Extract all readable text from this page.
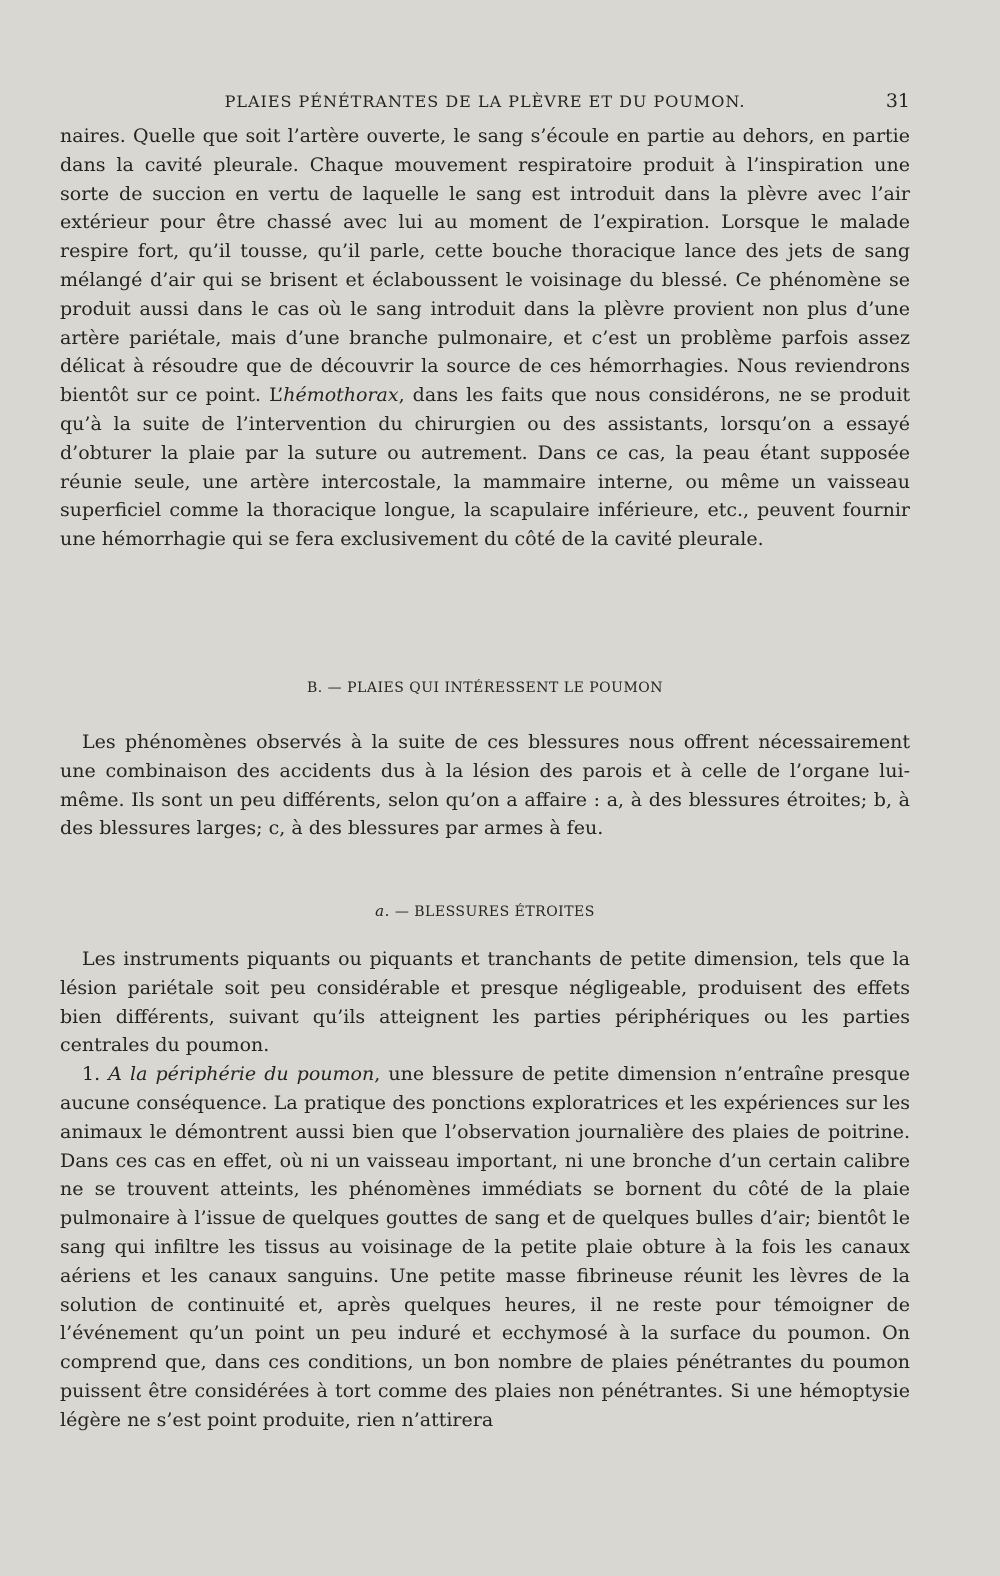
PLAIES PÉNÉTRANTES DE LA PLÈVRE ET DU POUMON.	31

naires. Quelle que soit l’artère ouverte, le sang s’écoule en partie au dehors, en partie dans la cavité pleurale. Chaque mouvement respiratoire produit à l’inspiration une sorte de succion en vertu de laquelle le sang est introduit dans la plèvre avec l’air extérieur pour être chassé avec lui au moment de l’expiration. Lorsque le malade respire fort, qu’il tousse, qu’il parle, cette bouche thoracique lance des jets de sang mélangé d’air qui se brisent et éclaboussent le voisinage du blessé. Ce phénomène se produit aussi dans le cas où le sang introduit dans la plèvre provient non plus d’une artère pariétale, mais d’une branche pulmonaire, et c’est un problème parfois assez délicat à résoudre que de découvrir la source de ces hémorrhagies. Nous reviendrons bientôt sur ce point. L’hémothorax, dans les faits que nous considérons, ne se produit qu’à la suite de l’intervention du chirurgien ou des assistants, lorsqu’on a essayé d’obturer la plaie par la suture ou autrement. Dans ce cas, la peau étant supposée réunie seule, une artère intercostale, la mammaire interne, ou même un vaisseau superficiel comme la thoracique longue, la scapulaire inférieure, etc., peuvent fournir une hémorrhagie qui se fera exclusivement du côté de la cavité pleurale.

B. — PLAIES QUI INTÉRESSENT LE POUMON

Les phénomènes observés à la suite de ces blessures nous offrent nécessairement une combinaison des accidents dus à la lésion des parois et à celle de l’organe lui-même. Ils sont un peu différents, selon qu’on a affaire : a, à des blessures étroites; b, à des blessures larges; c, à des blessures par armes à feu.

a. — BLESSURES ÉTROITES

Les instruments piquants ou piquants et tranchants de petite dimension, tels que la lésion pariétale soit peu considérable et presque négligeable, produisent des effets bien différents, suivant qu’ils atteignent les parties périphériques ou les parties centrales du poumon.

1. A la périphérie du poumon, une blessure de petite dimension n’entraîne presque aucune conséquence. La pratique des ponctions exploratrices et les expériences sur les animaux le démontrent aussi bien que l’observation journalière des plaies de poitrine. Dans ces cas en effet, où ni un vaisseau important, ni une bronche d’un certain calibre ne se trouvent atteints, les phénomènes immédiats se bornent du côté de la plaie pulmonaire à l’issue de quelques gouttes de sang et de quelques bulles d’air; bientôt le sang qui infiltre les tissus au voisinage de la petite plaie obture à la fois les canaux aériens et les canaux sanguins. Une petite masse fibrineuse réunit les lèvres de la solution de continuité et, après quelques heures, il ne reste pour témoigner de l’événement qu’un point un peu induré et ecchymosé à la surface du poumon. On comprend que, dans ces conditions, un bon nombre de plaies pénétrantes du poumon puissent être considérées à tort comme des plaies non pénétrantes. Si une hémoptysie légère ne s’est point produite, rien n’attirera
